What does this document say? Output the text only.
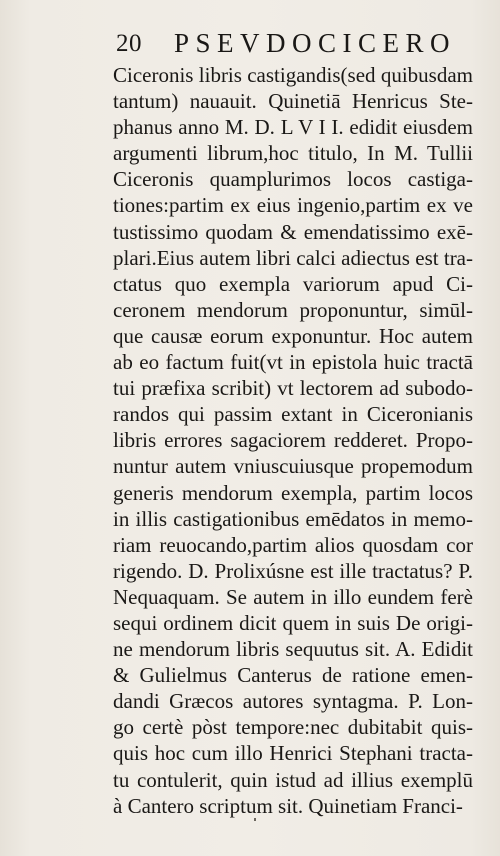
20 PSEVDOCICERO
Ciceronis libris castigandis(sed quibusdam
tantum) nauauit. Quinetiā Henricus Ste-
phanus anno M. D. L V I I. edidit eiusdem
argumenti librum,hoc titulo, In M. Tullii
Ciceronis quamplurimos locos castiga-
tiones:partim ex eius ingenio,partim ex ve
tustissimo quodam & emendatissimo exē-
plari.Eius autem libri calci adiectus est tra-
ctatus quo exempla variorum apud Ci-
ceronem mendorum proponuntur, simūl-
que causæ eorum exponuntur. Hoc autem
ab eo factum fuit(vt in epistola huic tractā
tui præfixa scribit) vt lectorem ad subodo-
randos qui passim extant in Ciceronianis
libris errores sagaciorem redderet. Propo-
nuntur autem vniuscuiusque propemodum
generis mendorum exempla, partim locos
in illis castigationibus emēdatos in memo-
riam reuocando,partim alios quosdam cor
rigendo. D. Prolixúsne est ille tractatus? P.
Nequaquam. Se autem in illo eundem ferè
sequi ordinem dicit quem in suis De origi-
ne mendorum libris sequutus sit. A. Edidit
& Gulielmus Canterus de ratione emen-
dandi Græcos autores syntagma. P. Lon-
go certè pòst tempore:nec dubitabit quis-
quis hoc cum illo Henrici Stephani tracta-
tu contulerit, quin istud ad illius exemplū
à Cantero scriptum sit. Quinetiam Franci-
